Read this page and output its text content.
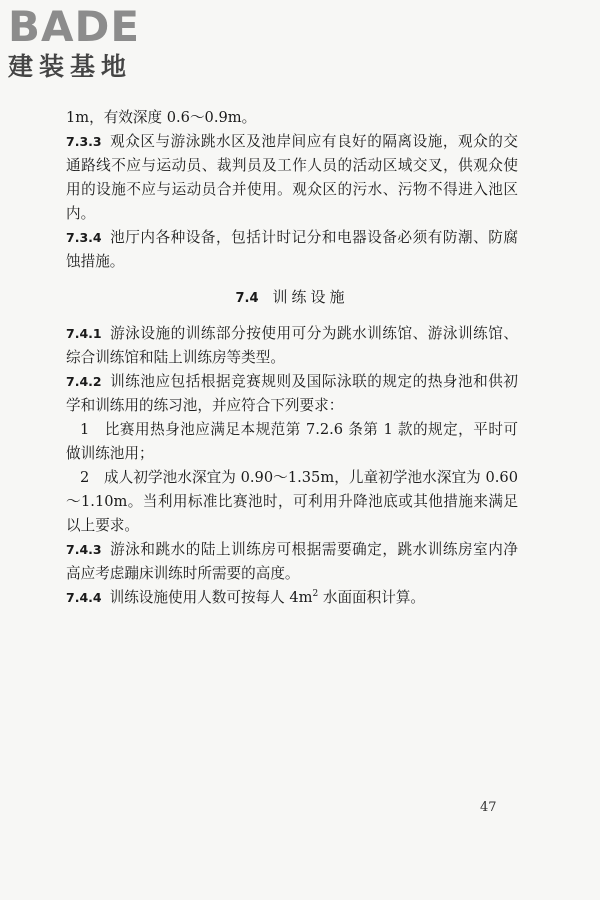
BADE
建装基地

1m，有效深度 0.6～0.9m。

7.3.3 观众区与游泳跳水区及池岸间应有良好的隔离设施，观众的交通路线不应与运动员、裁判员及工作人员的活动区域交叉，供观众使用的设施不应与运动员合并使用。观众区的污水、污物不得进入池区内。

7.3.4 池厅内各种设备，包括计时记分和电器设备必须有防潮、防腐蚀措施。

7.4 训练设施

7.4.1 游泳设施的训练部分按使用可分为跳水训练馆、游泳训练馆、综合训练馆和陆上训练房等类型。

7.4.2 训练池应包括根据竞赛规则及国际泳联的规定的热身池和供初学和训练用的练习池，并应符合下列要求：

1　比赛用热身池应满足本规范第 7.2.6 条第 1 款的规定，平时可做训练池用；

2　成人初学池水深宜为 0.90～1.35m，儿童初学池水深宜为 0.60～1.10m。当利用标准比赛池时，可利用升降池底或其他措施来满足以上要求。

7.4.3 游泳和跳水的陆上训练房可根据需要确定，跳水训练房室内净高应考虑蹦床训练时所需要的高度。

7.4.4 训练设施使用人数可按每人 $4m^2$ 水面面积计算。

47
